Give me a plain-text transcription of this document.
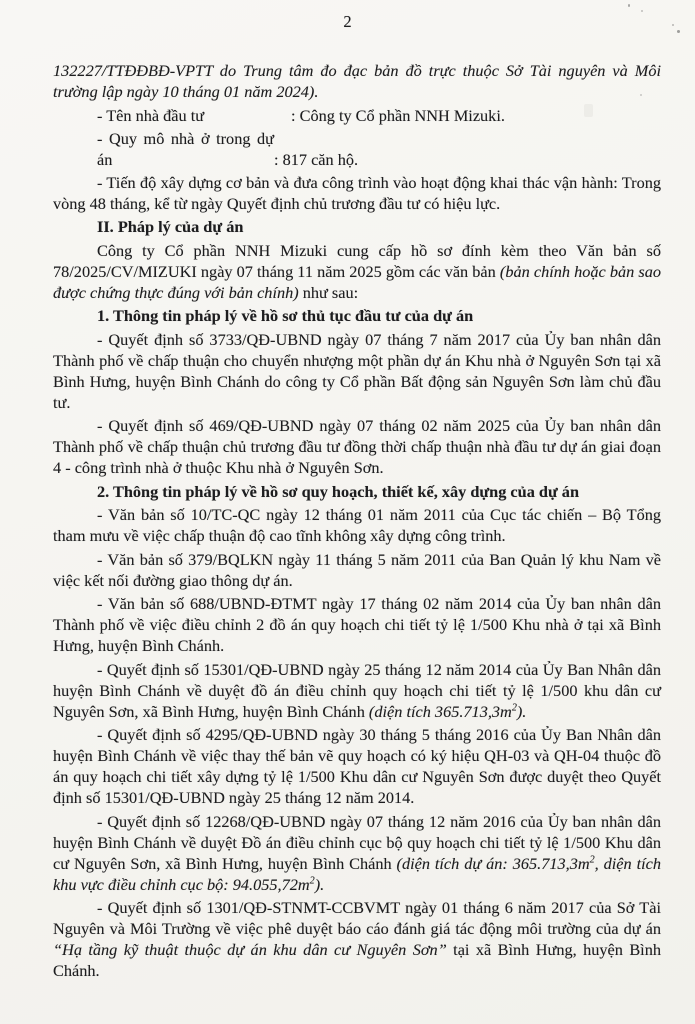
2

132227/TTĐĐBĐ-VPTT do Trung tâm đo đạc bản đồ trực thuộc Sở Tài nguyên và Môi trường lập ngày 10 tháng 01 năm 2024).

- Tên nhà đầu tư	: Công ty Cổ phần NNH Mizuki.
- Quy mô nhà ở trong dự án	: 817 căn hộ.

- Tiến độ xây dựng cơ bản và đưa công trình vào hoạt động khai thác vận hành: Trong vòng 48 tháng, kể từ ngày Quyết định chủ trương đầu tư có hiệu lực.

II. Pháp lý của dự án

Công ty Cổ phần NNH Mizuki cung cấp hồ sơ đính kèm theo Văn bản số 78/2025/CV/MIZUKI ngày 07 tháng 11 năm 2025 gồm các văn bản (bản chính hoặc bản sao được chứng thực đúng với bản chính) như sau:

1. Thông tin pháp lý về hồ sơ thủ tục đầu tư của dự án

- Quyết định số 3733/QĐ-UBND ngày 07 tháng 7 năm 2017 của Ủy ban nhân dân Thành phố về chấp thuận cho chuyển nhượng một phần dự án Khu nhà ở Nguyên Sơn tại xã Bình Hưng, huyện Bình Chánh do công ty Cổ phần Bất động sản Nguyên Sơn làm chủ đầu tư.

- Quyết định số 469/QĐ-UBND ngày 07 tháng 02 năm 2025 của Ủy ban nhân dân Thành phố về chấp thuận chủ trương đầu tư đồng thời chấp thuận nhà đầu tư dự án giai đoạn 4 - công trình nhà ở thuộc Khu nhà ở Nguyên Sơn.

2. Thông tin pháp lý về hồ sơ quy hoạch, thiết kế, xây dựng của dự án

- Văn bản số 10/TC-QC ngày 12 tháng 01 năm 2011 của Cục tác chiến – Bộ Tổng tham mưu về việc chấp thuận độ cao tĩnh không xây dựng công trình.

- Văn bản số 379/BQLKN ngày 11 tháng 5 năm 2011 của Ban Quản lý khu Nam về việc kết nối đường giao thông dự án.

- Văn bản số 688/UBND-ĐTMT ngày 17 tháng 02 năm 2014 của Ủy ban nhân dân Thành phố về việc điều chỉnh 2 đồ án quy hoạch chi tiết tỷ lệ 1/500 Khu nhà ở tại xã Bình Hưng, huyện Bình Chánh.

- Quyết định số 15301/QĐ-UBND ngày 25 tháng 12 năm 2014 của Ủy Ban Nhân dân huyện Bình Chánh về duyệt đồ án điều chỉnh quy hoạch chi tiết tỷ lệ 1/500 khu dân cư Nguyên Sơn, xã Bình Hưng, huyện Bình Chánh (diện tích $365.713,3m^2$).

- Quyết định số 4295/QĐ-UBND ngày 30 tháng 5 tháng 2016 của Ủy Ban Nhân dân huyện Bình Chánh về việc thay thế bản vẽ quy hoạch có ký hiệu QH-03 và QH-04 thuộc đồ án quy hoạch chi tiết xây dựng tỷ lệ 1/500 Khu dân cư Nguyên Sơn được duyệt theo Quyết định số 15301/QĐ-UBND ngày 25 tháng 12 năm 2014.

- Quyết định số 12268/QĐ-UBND ngày 07 tháng 12 năm 2016 của Ủy ban nhân dân huyện Bình Chánh về duyệt Đồ án điều chỉnh cục bộ quy hoạch chi tiết tỷ lệ 1/500 Khu dân cư Nguyên Sơn, xã Bình Hưng, huyện Bình Chánh (diện tích dự án: $365.713,3m^2$, diện tích khu vực điều chỉnh cục bộ: $94.055,72m^2$).

- Quyết định số 1301/QĐ-STNMT-CCBVMT ngày 01 tháng 6 năm 2017 của Sở Tài Nguyên và Môi Trường về việc phê duyệt báo cáo đánh giá tác động môi trường của dự án “Hạ tầng kỹ thuật thuộc dự án khu dân cư Nguyên Sơn” tại xã Bình Hưng, huyện Bình Chánh.
